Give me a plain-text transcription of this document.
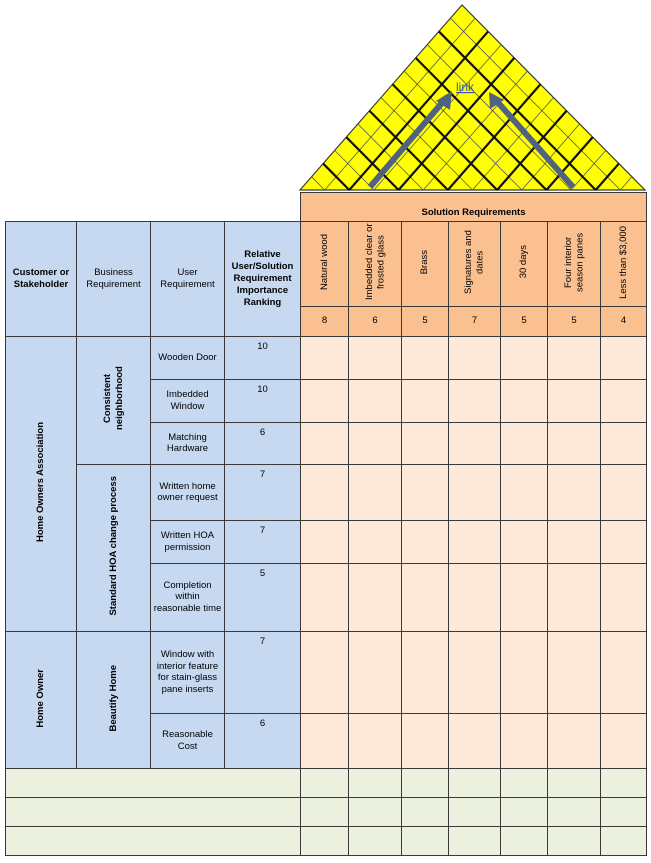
link
				Solution Requirements						
Customer or Stakeholder	Business Requirement	User Requirement	Relative User/Solution Requirement Importance Ranking	Natural wood	Imbedded clear or frosted glass	Brass	Signatures and dates	30 days	Four interior season panes	Less than $3,000
				8	6	5	7	5	5	4
Home Owners Association	Consistent neighborhood	Wooden Door	10							
		Imbedded Window	10							
		Matching Hardware	6							
	Standard HOA change process	Written home owner request	7							
		Written HOA permission	7							
		Completion within reasonable time	5							
Home Owner	Beautify Home	Window with interior feature for stain-glass pane inserts	7							
		Reasonable Cost	6							
